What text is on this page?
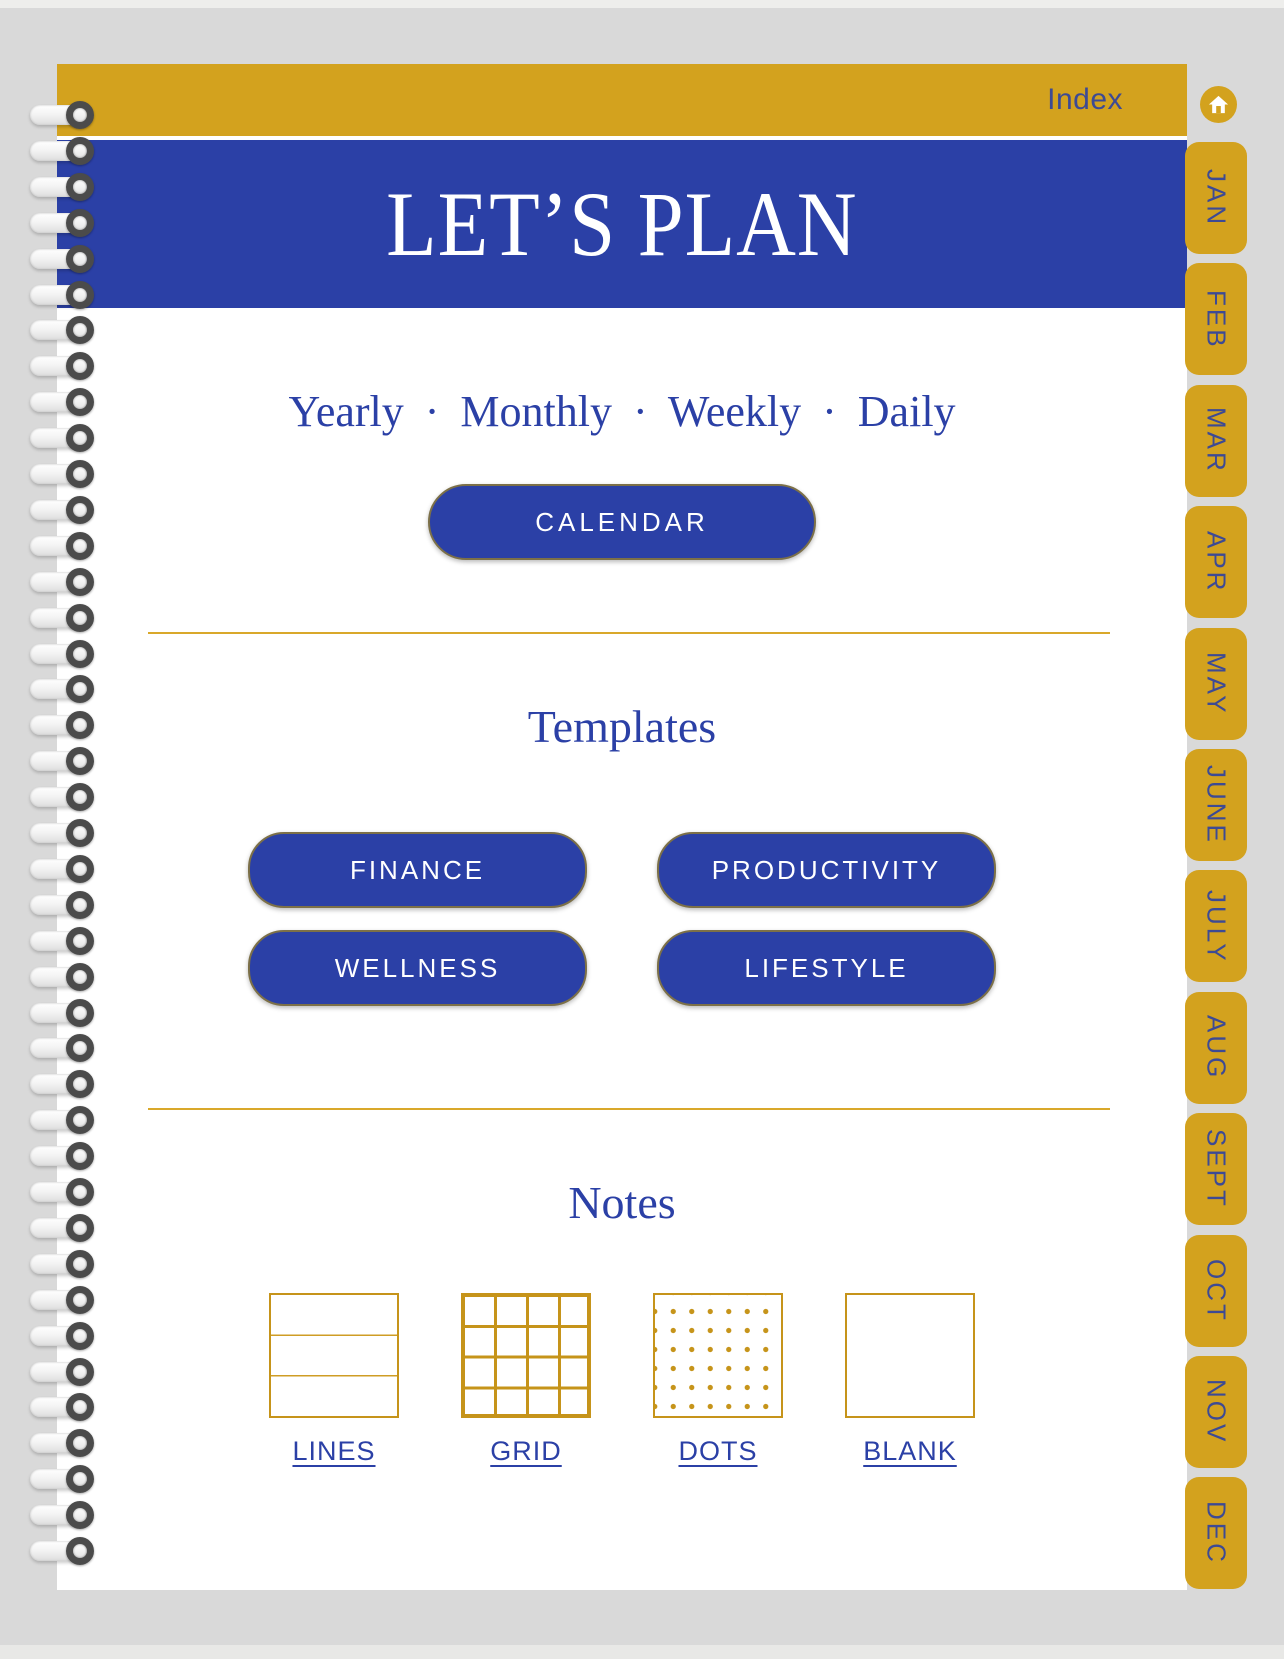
Index
LET’S PLAN
Yearly · Monthly · Weekly · Daily
CALENDAR
Templates
FINANCE	PRODUCTIVITY
WELLNESS	LIFESTYLE
Notes
LINES	GRID	DOTS	BLANK
JAN
FEB
MAR
APR
MAY
JUNE
JULY
AUG
SEPT
OCT
NOV
DEC
